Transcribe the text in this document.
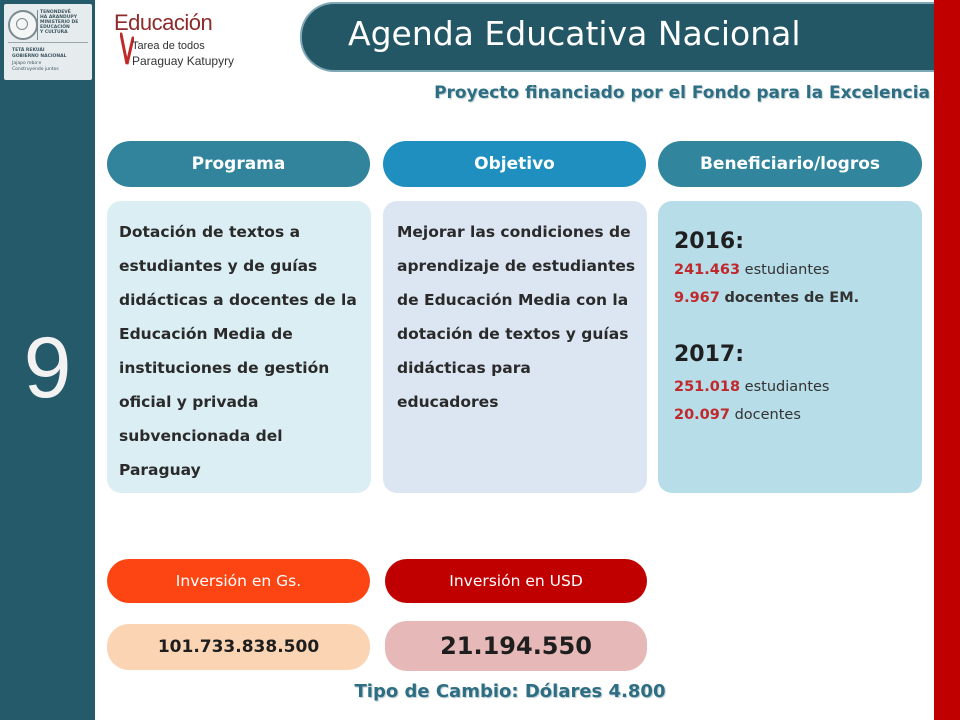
TENONDEVÉ
HA ARANDUPY
MINISTERIO DE
EDUCACIÓN
Y CULTURA
TETÃ REKUÁI
GOBIERNO NACIONAL
Jajapo mbaʼe
Construyendo juntos
9
Educación
Tarea de todos
Paraguay Katupyry
Agenda Educativa Nacional
Proyecto financiado por el Fondo para la Excelencia
Programa	Objetivo	Beneficiario/logros
Dotación de textos a estudiantes y de guías didácticas a docentes de la Educación Media de instituciones de gestión oficial y privada subvencionada del Paraguay
Mejorar las condiciones de aprendizaje de estudiantes de Educación Media con la dotación de textos y guías didácticas para educadores
2016:
241.463 estudiantes
9.967 docentes de EM.
2017:
251.018 estudiantes
20.097 docentes
Inversión en Gs.	Inversión en USD
101.733.838.500	21.194.550
Tipo de Cambio: Dólares 4.800
